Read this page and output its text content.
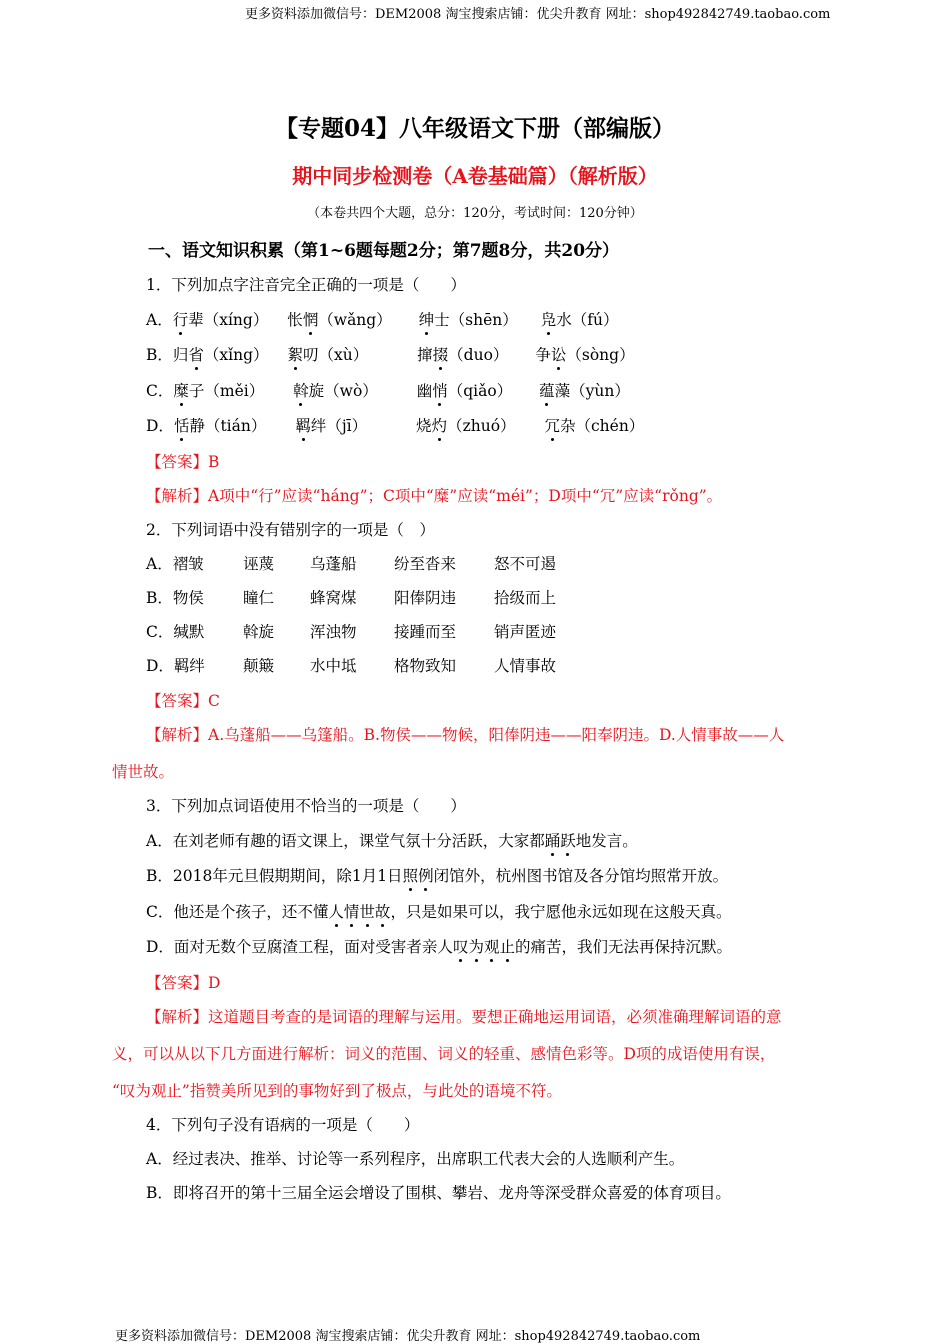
更多资料添加微信号：DEM2008 淘宝搜索店铺：优尖升教育 网址：shop492842749.taobao.com
更多资料添加微信号：DEM2008 淘宝搜索店铺：优尖升教育 网址：shop492842749.taobao.com
【专题04】八年级语文下册（部编版）
期中同步检测卷（A卷基础篇）（解析版）
（本卷共四个大题，总分：120分，考试时间：120分钟）
一、语文知识积累（第1~6题每题2分；第7题8分，共20分）
1．下列加点字注音完全正确的一项是（　　）
A．行辈（xíng） 怅惘（wǎng） 绅士（shēn） 凫水（fú）
B．归省（xǐng） 絮叨（xù）	撺掇（duo） 争讼（sòng）
C．糜子（měi） 斡旋（wò）	幽悄（qiǎo） 蕴藻（yùn）
D．恬静（tián） 羁绊（jī）	烧灼（zhuó） 冗杂（chén）
【答案】B
【解析】A项中“行”应读“háng”；C项中“糜”应读“méi”；D项中“冗”应读“rǒng”。
2．下列词语中没有错别字的一项是（　）
A．褶皱	诬蔑 乌蓬船 纷至沓来 怒不可遏
B．物侯	瞳仁 蜂窝煤 阳俸阴违 拾级而上
C．缄默 斡旋 浑浊物 接踵而至 销声匿迹
D．羁绊 颠簸 水中坻 格物致知 人情事故
【答案】C
【解析】A.乌蓬船——乌篷船。B.物侯——物候，阳俸阴违——阳奉阴违。D.人情事故——人
情世故。
3．下列加点词语使用不恰当的一项是（　　）
A．在刘老师有趣的语文课上，课堂气氛十分活跃，大家都踊跃地发言。
B．2018年元旦假期期间，除1月1日照例闭馆外，杭州图书馆及各分馆均照常开放。
C．他还是个孩子，还不懂人情世故，只是如果可以，我宁愿他永远如现在这般天真。
D．面对无数个豆腐渣工程，面对受害者亲人叹为观止的痛苦，我们无法再保持沉默。
【答案】D
【解析】这道题目考查的是词语的理解与运用。要想正确地运用词语，必须准确理解词语的意
义，可以从以下几方面进行解析：词义的范围、词义的轻重、感情色彩等。D项的成语使用有误，
“叹为观止”指赞美所见到的事物好到了极点，与此处的语境不符。
4．下列句子没有语病的一项是（　　）
A．经过表决、推举、讨论等一系列程序，出席职工代表大会的人选顺利产生。
B．即将召开的第十三届全运会增设了围棋、攀岩、龙舟等深受群众喜爱的体育项目。
